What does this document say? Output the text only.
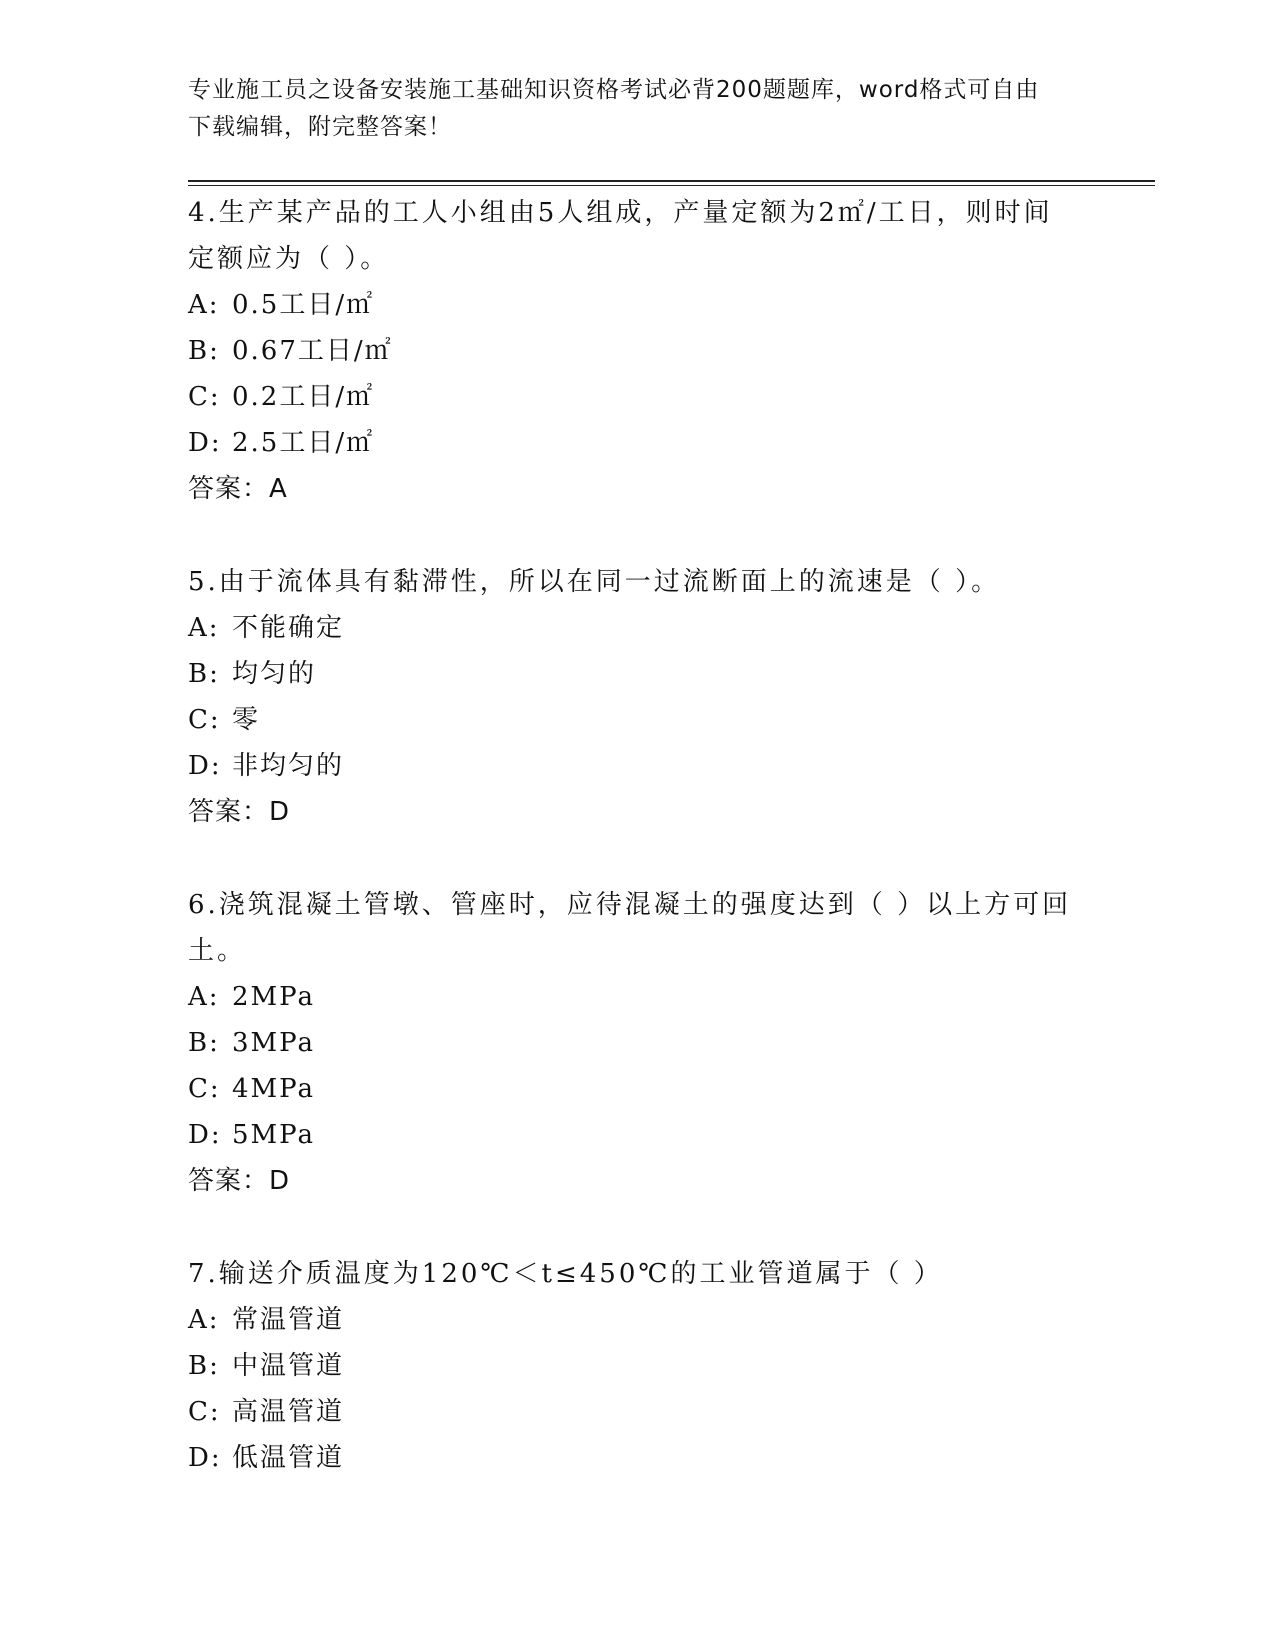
专业施工员之设备安装施工基础知识资格考试必背200题题库，word格式可自由
下载编辑，附完整答案！
4.生产某产品的工人小组由5人组成，产量定额为2㎡/工日，则时间
定额应为（ ）。
A: 0.5工日/㎡
B: 0.67工日/㎡
C: 0.2工日/㎡
D: 2.5工日/㎡
答案：A
5.由于流体具有黏滞性，所以在同一过流断面上的流速是（ ）。
A: 不能确定
B: 均匀的
C: 零
D: 非均匀的
答案：D
6.浇筑混凝土管墩、管座时，应待混凝土的强度达到（ ）以上方可回
土。
A: 2MPa
B: 3MPa
C: 4MPa
D: 5MPa
答案：D
7.输送介质温度为120℃＜t≤450℃的工业管道属于（ ）
A: 常温管道
B: 中温管道
C: 高温管道
D: 低温管道
